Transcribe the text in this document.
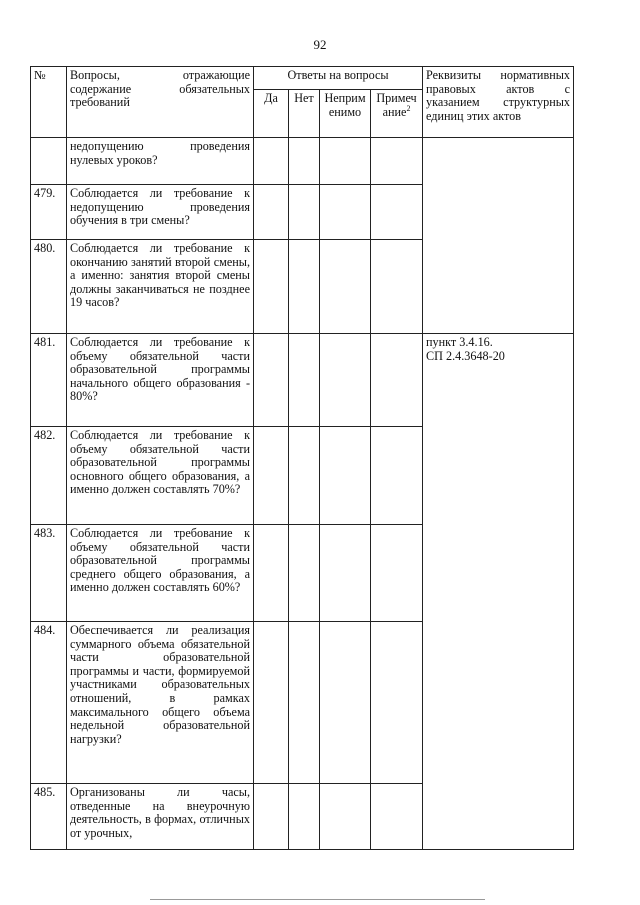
92
№	Вопросы, отражающие содержание обязательных требований	Ответы на вопросы				Реквизиты нормативных правовых актов с указанием структурных единиц этих актов
		Да	Нет	Неприм енимо	Примеч ание$^2$
	недопущению проведения нулевых уроков?					
479.	Соблюдается ли требование к недопущению проведения обучения в три смены?					
480.	Соблюдается ли требование к окончанию занятий второй смены, а именно: занятия второй смены должны заканчиваться не позднее 19 часов?					
481.	Соблюдается ли требование к объему обязательной части образовательной программы начального общего образования - 80%?					пункт 3.4.16.
СП 2.4.3648-20

482.	Соблюдается ли требование к объему обязательной части образовательной программы основного общего образования, а именно должен составлять 70%?					
483.	Соблюдается ли требование к объему обязательной части образовательной программы среднего общего образования, а именно должен составлять 60%?					
484.	Обеспечивается ли реализация суммарного объема обязательной части образовательной программы и части, формируемой участниками образовательных отношений, в рамках максимального общего объема недельной образовательной нагрузки?					
485.	Организованы ли часы, отведенные на внеурочную деятельность, в формах, отличных от урочных,					
